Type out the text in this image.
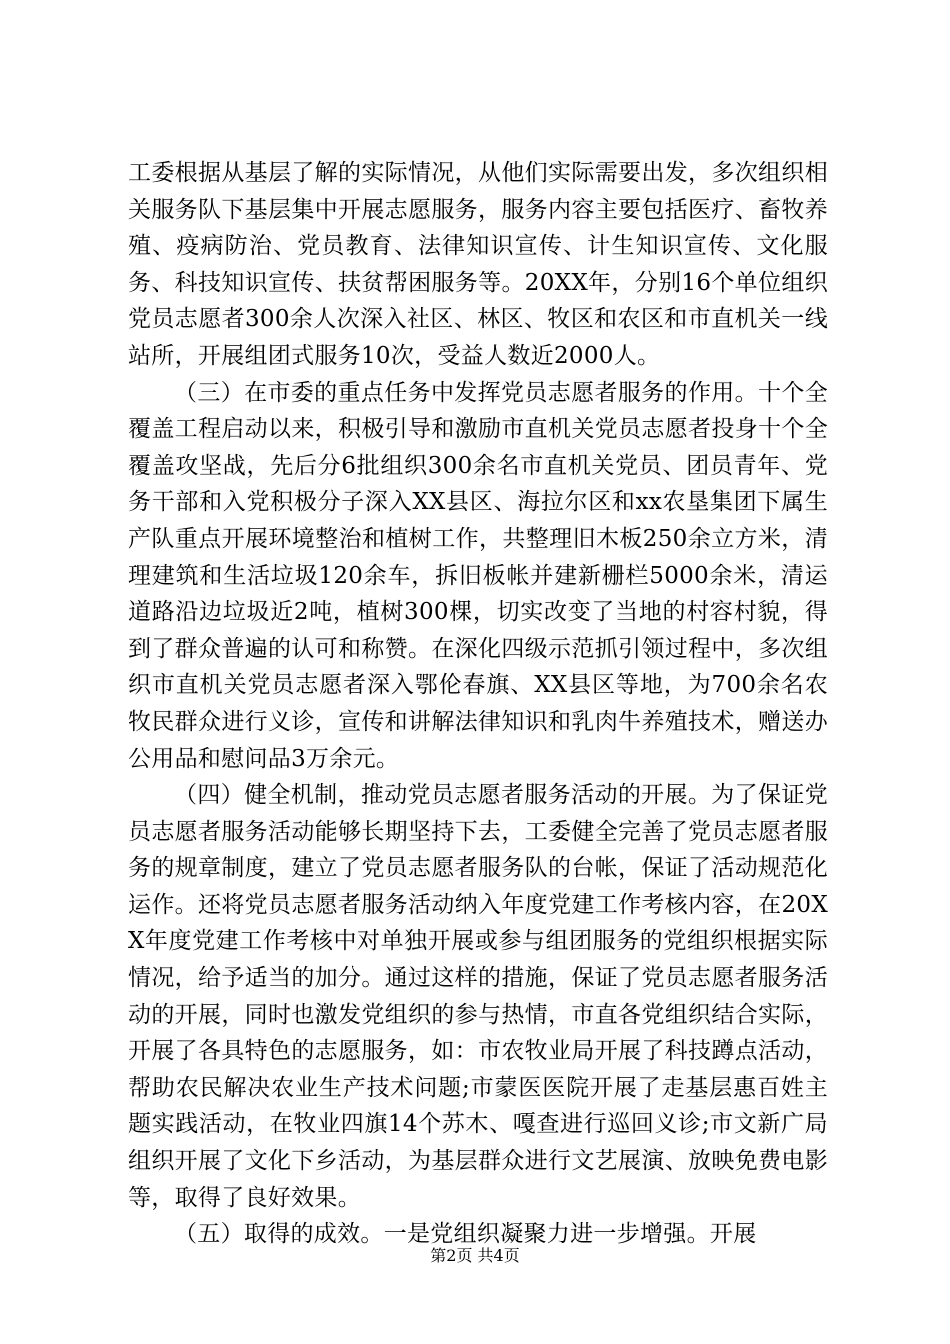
工委根据从基层了解的实际情况，从他们实际需要出发，多次组织相关服务队下基层集中开展志愿服务，服务内容主要包括医疗、畜牧养殖、疫病防治、党员教育、法律知识宣传、计生知识宣传、文化服务、科技知识宣传、扶贫帮困服务等。20XX年，分别16个单位组织党员志愿者300余人次深入社区、林区、牧区和农区和市直机关一线站所，开展组团式服务10次，受益人数近2000人。

（三）在市委的重点任务中发挥党员志愿者服务的作用。十个全覆盖工程启动以来，积极引导和激励市直机关党员志愿者投身十个全覆盖攻坚战，先后分6批组织300余名市直机关党员、团员青年、党务干部和入党积极分子深入XX县区、海拉尔区和xx农垦集团下属生产队重点开展环境整治和植树工作，共整理旧木板250余立方米，清理建筑和生活垃圾120余车，拆旧板帐并建新栅栏5000余米，清运道路沿边垃圾近2吨，植树300棵，切实改变了当地的村容村貌，得到了群众普遍的认可和称赞。在深化四级示范抓引领过程中，多次组织市直机关党员志愿者深入鄂伦春旗、XX县区等地，为700余名农牧民群众进行义诊，宣传和讲解法律知识和乳肉牛养殖技术，赠送办公用品和慰问品3万余元。

（四）健全机制，推动党员志愿者服务活动的开展。为了保证党员志愿者服务活动能够长期坚持下去，工委健全完善了党员志愿者服务的规章制度，建立了党员志愿者服务队的台帐，保证了活动规范化运作。还将党员志愿者服务活动纳入年度党建工作考核内容，在20XX年度党建工作考核中对单独开展或参与组团服务的党组织根据实际情况，给予适当的加分。通过这样的措施，保证了党员志愿者服务活动的开展，同时也激发党组织的参与热情，市直各党组织结合实际，开展了各具特色的志愿服务，如：市农牧业局开展了科技蹲点活动，帮助农民解决农业生产技术问题;市蒙医医院开展了走基层惠百姓主题实践活动，在牧业四旗14个苏木、嘎查进行巡回义诊;市文新广局组织开展了文化下乡活动，为基层群众进行文艺展演、放映免费电影等，取得了良好效果。

（五）取得的成效。一是党组织凝聚力进一步增强。开展

第2页 共4页
